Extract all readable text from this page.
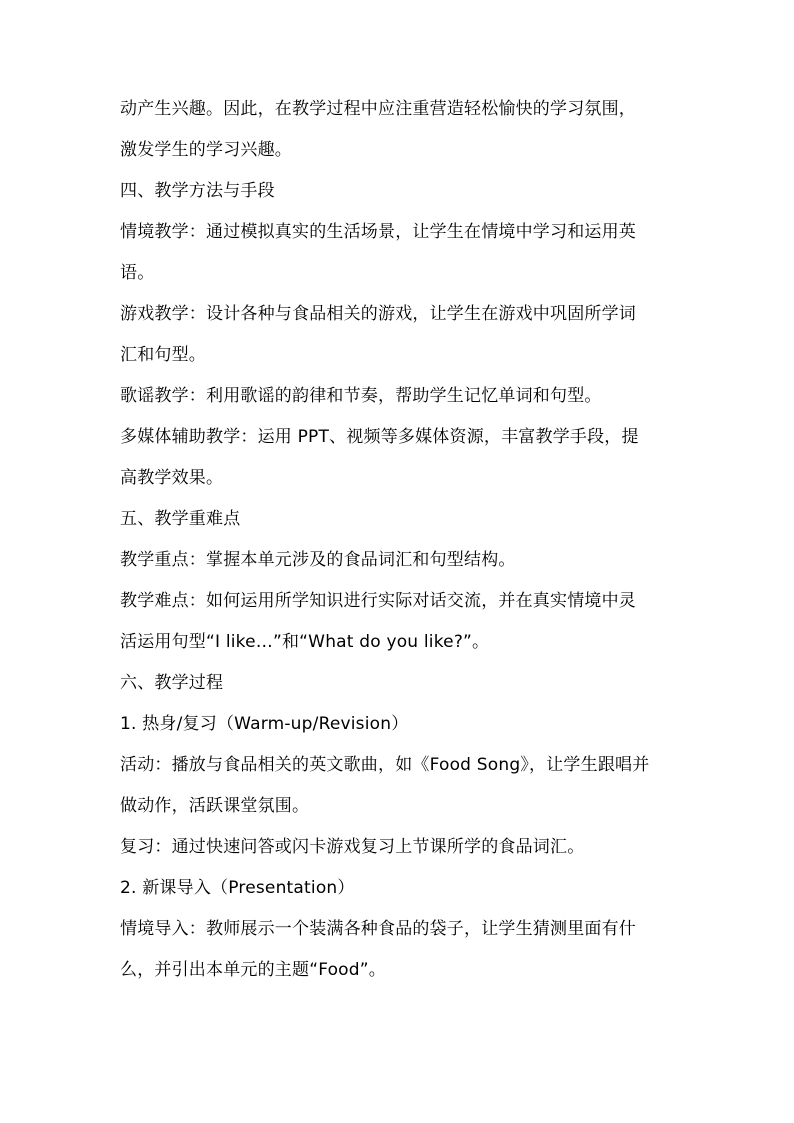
动产生兴趣。因此，在教学过程中应注重营造轻松愉快的学习氛围，
激发学生的学习兴趣。
四、教学方法与手段
情境教学：通过模拟真实的生活场景，让学生在情境中学习和运用英
语。
游戏教学：设计各种与食品相关的游戏，让学生在游戏中巩固所学词
汇和句型。
歌谣教学：利用歌谣的韵律和节奏，帮助学生记忆单词和句型。
多媒体辅助教学：运用 PPT、视频等多媒体资源，丰富教学手段，提
高教学效果。
五、教学重难点
教学重点：掌握本单元涉及的食品词汇和句型结构。
教学难点：如何运用所学知识进行实际对话交流，并在真实情境中灵
活运用句型“I like…”和“What do you like?”。
六、教学过程
1. 热身/复习（Warm-up/Revision）
活动：播放与食品相关的英文歌曲，如《Food Song》，让学生跟唱并
做动作，活跃课堂氛围。
复习：通过快速问答或闪卡游戏复习上节课所学的食品词汇。
2. 新课导入（Presentation）
情境导入：教师展示一个装满各种食品的袋子，让学生猜测里面有什
么，并引出本单元的主题“Food”。
